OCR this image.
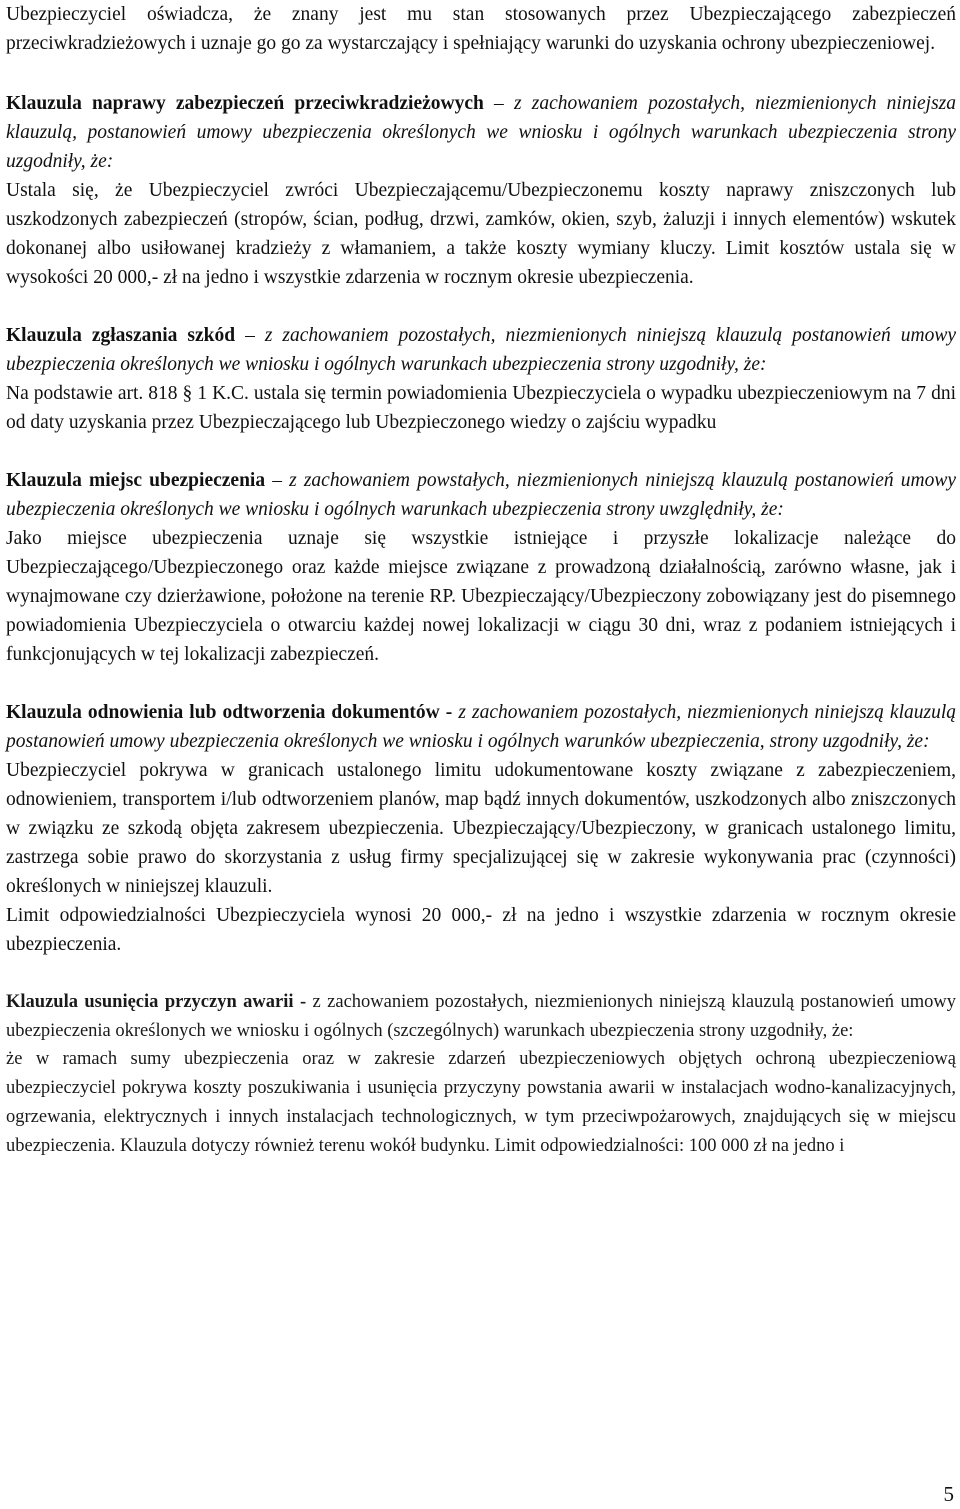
Ubezpieczyciel oświadcza, że znany jest mu stan stosowanych przez Ubezpieczającego zabezpieczeń przeciwkradzieżowych i uznaje go go za wystarczający i spełniający warunki do uzyskania ochrony ubezpieczeniowej.

Klauzula naprawy zabezpieczeń przeciwkradzieżowych – z zachowaniem pozostałych, niezmienionych niniejsza klauzulą, postanowień umowy ubezpieczenia określonych we wniosku i ogólnych warunkach ubezpieczenia strony uzgodniły, że:

Ustala się, że Ubezpieczyciel zwróci Ubezpieczającemu/Ubezpieczonemu koszty naprawy zniszczonych lub uszkodzonych zabezpieczeń (stropów, ścian, podług, drzwi, zamków, okien, szyb, żaluzji i innych elementów) wskutek dokonanej albo usiłowanej kradzieży z włamaniem, a także koszty wymiany kluczy. Limit kosztów ustala się w wysokości 20 000,- zł na jedno i wszystkie zdarzenia w rocznym okresie ubezpieczenia.

Klauzula zgłaszania szkód – z zachowaniem pozostałych, niezmienionych niniejszą klauzulą postanowień umowy ubezpieczenia określonych we wniosku i ogólnych warunkach ubezpieczenia strony uzgodniły, że:

Na podstawie art. 818 § 1 K.C. ustala się termin powiadomienia Ubezpieczyciela o wypadku ubezpieczeniowym na 7 dni od daty uzyskania przez Ubezpieczającego lub Ubezpieczonego wiedzy o zajściu wypadku

Klauzula miejsc ubezpieczenia – z zachowaniem powstałych, niezmienionych niniejszą klauzulą postanowień umowy ubezpieczenia określonych we wniosku i ogólnych warunkach ubezpieczenia strony uwzględniły, że:

Jako miejsce ubezpieczenia uznaje się wszystkie istniejące i przyszłe lokalizacje należące do Ubezpieczającego/Ubezpieczonego oraz każde miejsce związane z prowadzoną działalnością, zarówno własne, jak i wynajmowane czy dzierżawione, położone na terenie RP. Ubezpieczający/Ubezpieczony zobowiązany jest do pisemnego powiadomienia Ubezpieczyciela o otwarciu każdej nowej lokalizacji w ciągu 30 dni, wraz z podaniem istniejących i funkcjonujących w tej lokalizacji zabezpieczeń.

Klauzula odnowienia lub odtworzenia dokumentów - z zachowaniem pozostałych, niezmienionych niniejszą klauzulą postanowień umowy ubezpieczenia określonych we wniosku i ogólnych warunków ubezpieczenia, strony uzgodniły, że:

Ubezpieczyciel pokrywa w granicach ustalonego limitu udokumentowane koszty związane z zabezpieczeniem, odnowieniem, transportem i/lub odtworzeniem planów, map bądź innych dokumentów, uszkodzonych albo zniszczonych w związku ze szkodą objęta zakresem ubezpieczenia. Ubezpieczający/Ubezpieczony, w granicach ustalonego limitu, zastrzega sobie prawo do skorzystania z usług firmy specjalizującej się w zakresie wykonywania prac (czynności) określonych w niniejszej klauzuli.

Limit odpowiedzialności Ubezpieczyciela wynosi 20 000,- zł na jedno i wszystkie zdarzenia w rocznym okresie ubezpieczenia.

Klauzula usunięcia przyczyn awarii - z zachowaniem pozostałych, niezmienionych niniejszą klauzulą postanowień umowy ubezpieczenia określonych we wniosku i ogólnych (szczególnych) warunkach ubezpieczenia strony uzgodniły, że:

że w ramach sumy ubezpieczenia oraz w zakresie zdarzeń ubezpieczeniowych objętych ochroną ubezpieczeniową ubezpieczyciel pokrywa koszty poszukiwania i usunięcia przyczyny powstania awarii w instalacjach wodno-kanalizacyjnych, ogrzewania, elektrycznych i innych instalacjach technologicznych, w tym przeciwpożarowych, znajdujących się w miejscu ubezpieczenia. Klauzula dotyczy również terenu wokół budynku. Limit odpowiedzialności: 100 000 zł na jedno i

5
